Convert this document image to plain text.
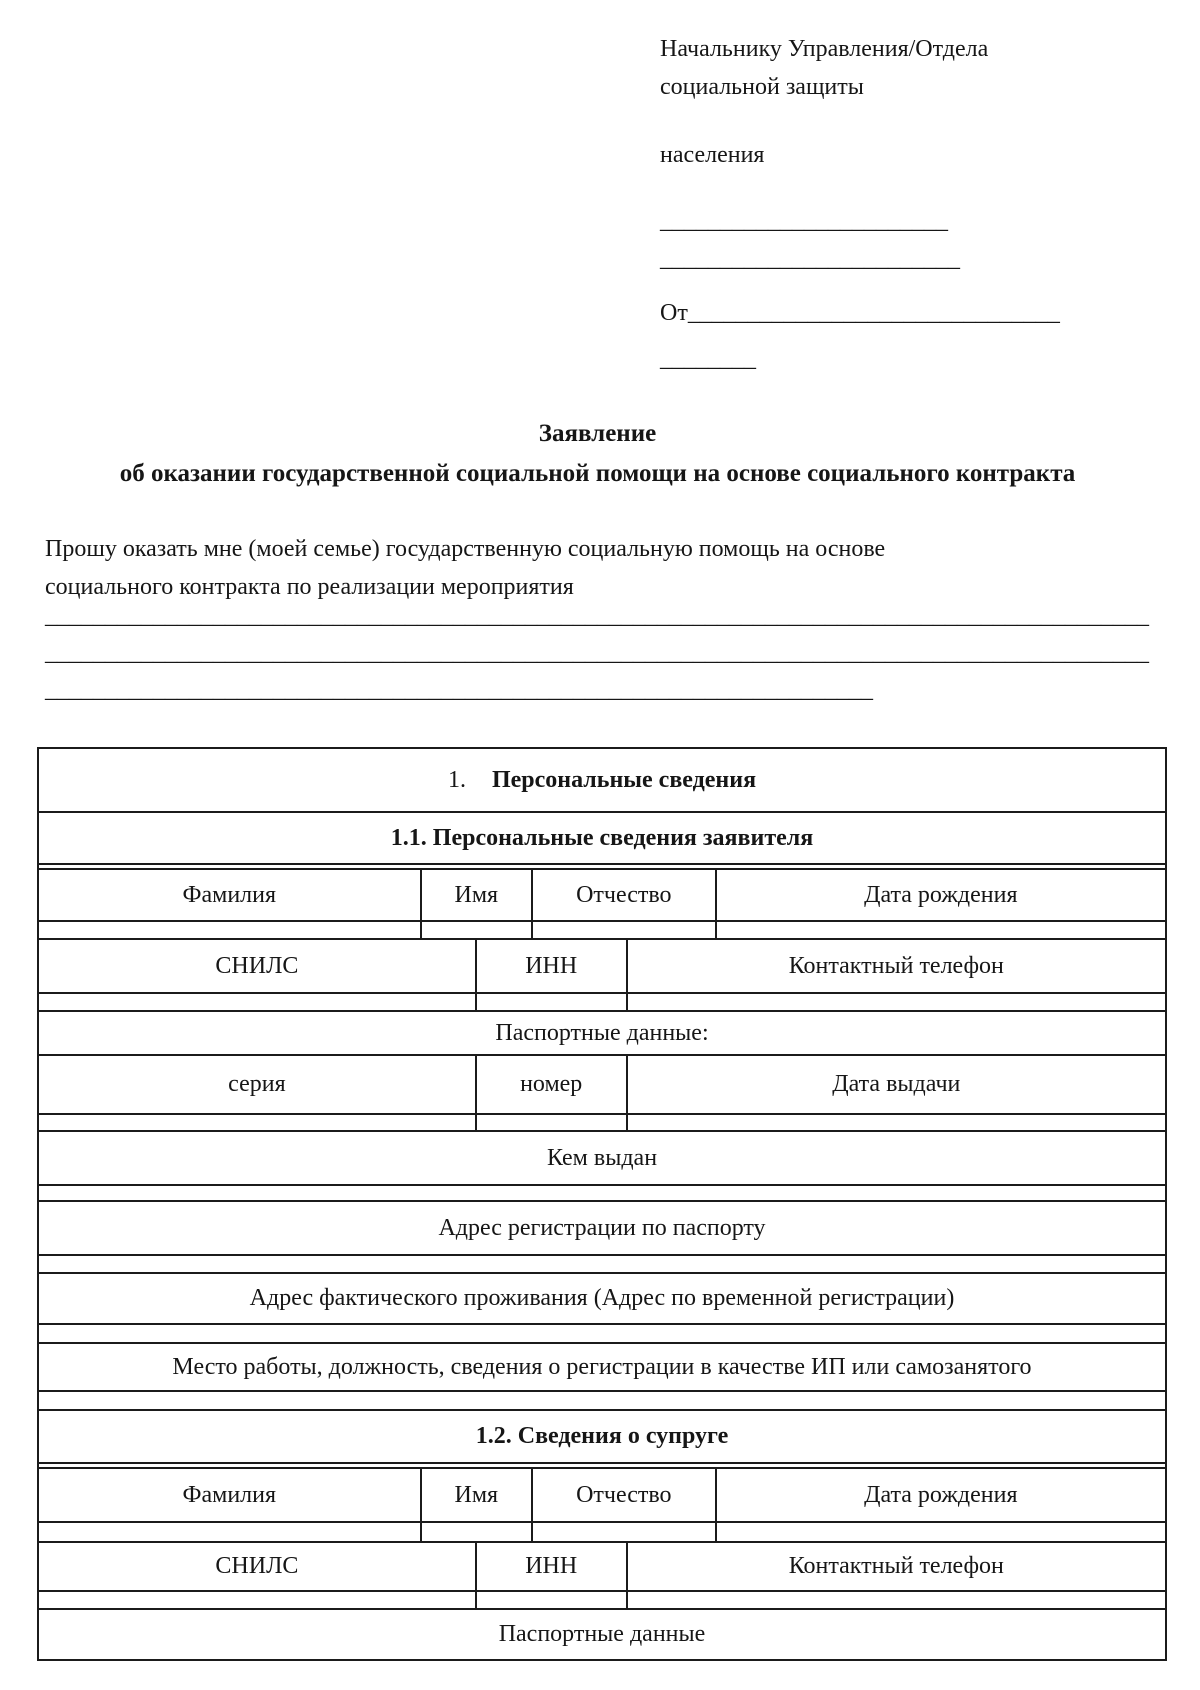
Начальнику Управления/Отдела
социальной защиты
населения
________________________
_________________________
От_______________________________
________
Заявление
об оказании государственной социальной помощи на основе социального контракта
Прошу оказать мне (моей семье) государственную социальную помощь на основе социального контракта по реализации мероприятия
____________________________________________________________________________________________
____________________________________________________________________________________________
_____________________________________________________________________
1. Персональные сведения
1.1. Персональные сведения заявителя
Фамилия	Имя	Отчество	Дата рождения
СНИЛС	ИНН	Контактный телефон
Паспортные данные:
серия	номер	Дата выдачи
Кем выдан
Адрес регистрации по паспорту
Адрес фактического проживания (Адрес по временной регистрации)
Место работы, должность, сведения о регистрации в качестве ИП или самозанятого
1.2. Сведения о супруге
Фамилия	Имя	Отчество	Дата рождения
СНИЛС	ИНН	Контактный телефон
Паспортные данные
